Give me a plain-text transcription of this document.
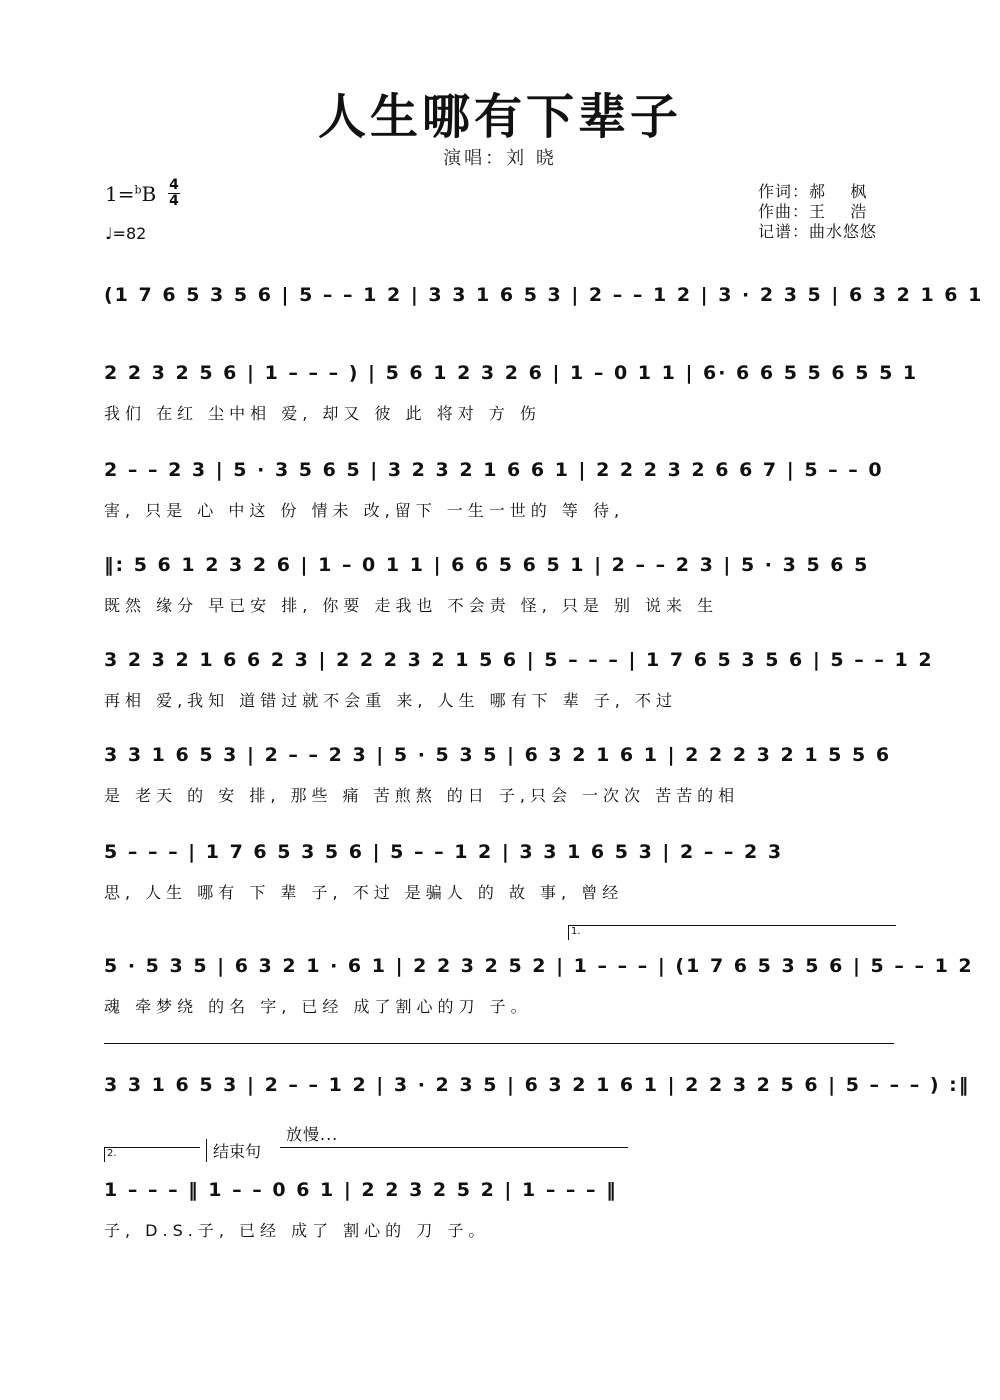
人生哪有下辈子
演唱：刘 晓
1=$^b$B 4
4
♩=82
作词：郝    枫
作曲：王    浩
记谱：曲水悠悠
(1 7 6 5 3 5 6 | 5 – – 1 2 | 3 3 1 6 5 3 | 2 – – 1 2 | 3 · 2 3 5 | 6 3 2 1 6 1
2 2 3 2 5 6 | 1 – – – ) | 5 6 1 2 3 2 6 | 1 – 0 1 1 | 6· 6 6 5 5 6 5 5 1
我们 在红 尘中相 爱, 却又 彼 此 将对 方 伤
2 – – 2 3 | 5 · 3 5 6 5 | 3 2 3 2 1 6 6 1 | 2 2 2 3 2 6 6 7 | 5 – – 0
害, 只是 心 中这 份 情未 改,留下 一生一世的 等 待,
‖: 5 6 1 2 3 2 6 | 1 – 0 1 1 | 6 6 5 6 5 1 | 2 – – 2 3 | 5 · 3 5 6 5
既然 缘分 早已安 排, 你要 走我也 不会责 怪, 只是 别 说来 生
3 2 3 2 1 6 6 2 3 | 2 2 2 3 2 1 5 6 | 5 – – – | 1 7 6 5 3 5 6 | 5 – – 1 2
再相 爱,我知 道错过就不会重 来, 人生 哪有下 辈 子, 不过
3 3 1 6 5 3 | 2 – – 2 3 | 5 · 5 3 5 | 6 3 2 1 6 1 | 2 2 2 3 2 1 5 5 6
是 老天 的 安 排, 那些 痛 苦煎熬 的日 子,只会 一次次 苦苦的相
5 – – – | 1 7 6 5 3 5 6 | 5 – – 1 2 | 3 3 1 6 5 3 | 2 – – 2 3
思, 人生 哪有 下 辈 子, 不过 是骗人 的 故 事, 曾经
1.
5 · 5 3 5 | 6 3 2 1 · 6 1 | 2 2 3 2 5 2 | 1 – – – | (1 7 6 5 3 5 6 | 5 – – 1 2
魂 牵梦绕 的名 字, 已经 成了割心的刀 子。
3 3 1 6 5 3 | 2 – – 1 2 | 3 · 2 3 5 | 6 3 2 1 6 1 | 2 2 3 2 5 6 | 5 – – – ) :‖
放慢...
2.	结束句
1 – – – ‖ 1 – – 0 6 1 | 2 2 3 2 5 2 | 1 – – – ‖
子, D.S.子, 已经 成了 割心的 刀 子。
